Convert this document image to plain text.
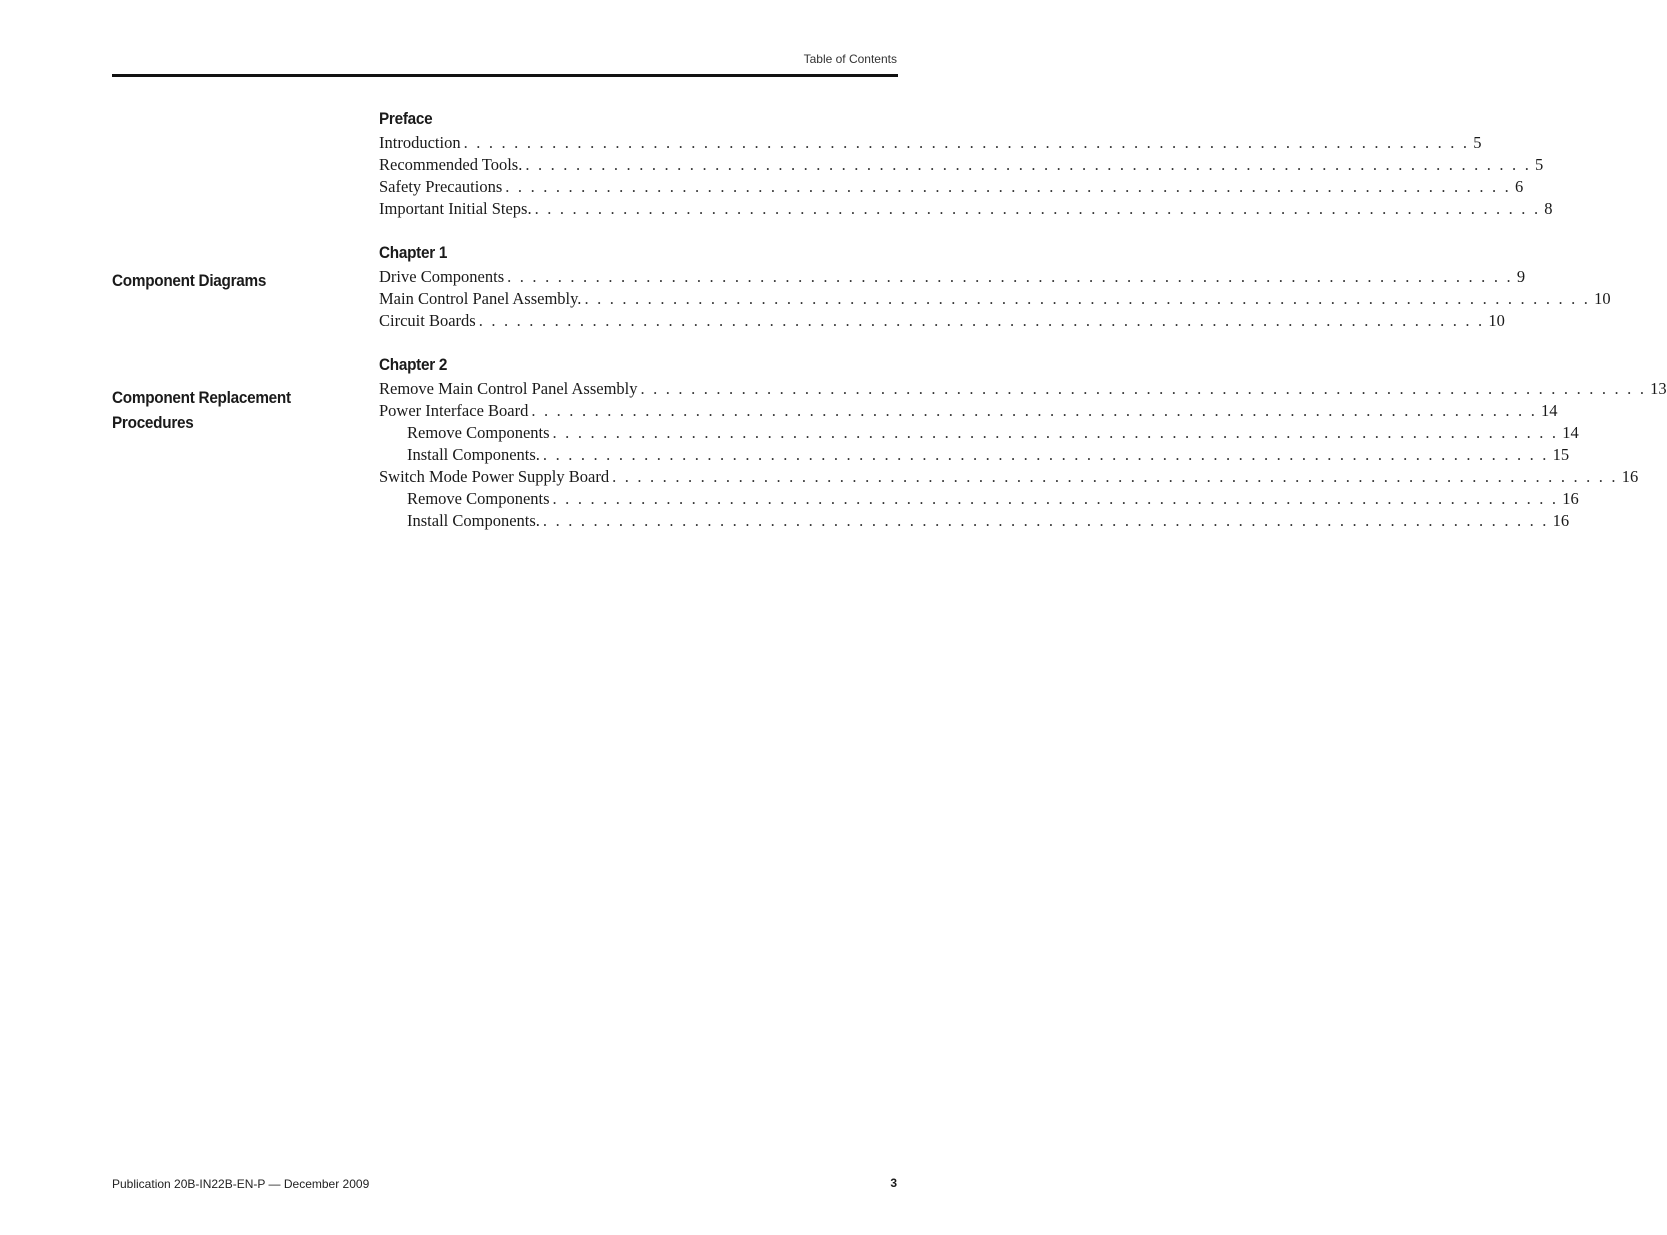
Table of Contents
Component Diagrams
Component Replacement Procedures
Preface
Introduction . . . . . . . . . . . . . . . . . . . . . . . . . . . . . . . . . . . . . . . . . . . . . . . . . . . . . . . . . . . . . . . . . . . . . . . . . . . . . . . . 5
Recommended Tools. . . . . . . . . . . . . . . . . . . . . . . . . . . . . . . . . . . . . . . . . . . . . . . . . . . . . . . . . . . . . . . . . . . . . . . . . . . . . . . . . 5
Safety Precautions . . . . . . . . . . . . . . . . . . . . . . . . . . . . . . . . . . . . . . . . . . . . . . . . . . . . . . . . . . . . . . . . . . . . . . . . . . . . . . . . 6
Important Initial Steps. . . . . . . . . . . . . . . . . . . . . . . . . . . . . . . . . . . . . . . . . . . . . . . . . . . . . . . . . . . . . . . . . . . . . . . . . . . . . . . . . 8
Chapter 1
Drive Components . . . . . . . . . . . . . . . . . . . . . . . . . . . . . . . . . . . . . . . . . . . . . . . . . . . . . . . . . . . . . . . . . . . . . . . . . . . . . . . . 9
Main Control Panel Assembly. . . . . . . . . . . . . . . . . . . . . . . . . . . . . . . . . . . . . . . . . . . . . . . . . . . . . . . . . . . . . . . . . . . . . . . . . . . . . . . . . 10
Circuit Boards . . . . . . . . . . . . . . . . . . . . . . . . . . . . . . . . . . . . . . . . . . . . . . . . . . . . . . . . . . . . . . . . . . . . . . . . . . . . . . . . 10
Chapter 2
Remove Main Control Panel Assembly . . . . . . . . . . . . . . . . . . . . . . . . . . . . . . . . . . . . . . . . . . . . . . . . . . . . . . . . . . . . . . . . . . . . . . . . . . . . . . . . 13
Power Interface Board . . . . . . . . . . . . . . . . . . . . . . . . . . . . . . . . . . . . . . . . . . . . . . . . . . . . . . . . . . . . . . . . . . . . . . . . . . . . . . . . 14
Remove Components . . . . . . . . . . . . . . . . . . . . . . . . . . . . . . . . . . . . . . . . . . . . . . . . . . . . . . . . . . . . . . . . . . . . . . . . . . . . . . . . 14
Install Components. . . . . . . . . . . . . . . . . . . . . . . . . . . . . . . . . . . . . . . . . . . . . . . . . . . . . . . . . . . . . . . . . . . . . . . . . . . . . . . . . 15
Switch Mode Power Supply Board . . . . . . . . . . . . . . . . . . . . . . . . . . . . . . . . . . . . . . . . . . . . . . . . . . . . . . . . . . . . . . . . . . . . . . . . . . . . . . . . 16
Remove Components . . . . . . . . . . . . . . . . . . . . . . . . . . . . . . . . . . . . . . . . . . . . . . . . . . . . . . . . . . . . . . . . . . . . . . . . . . . . . . . . 16
Install Components. . . . . . . . . . . . . . . . . . . . . . . . . . . . . . . . . . . . . . . . . . . . . . . . . . . . . . . . . . . . . . . . . . . . . . . . . . . . . . . . . 16
Publication 20B-IN22B-EN-P — December 2009	3
